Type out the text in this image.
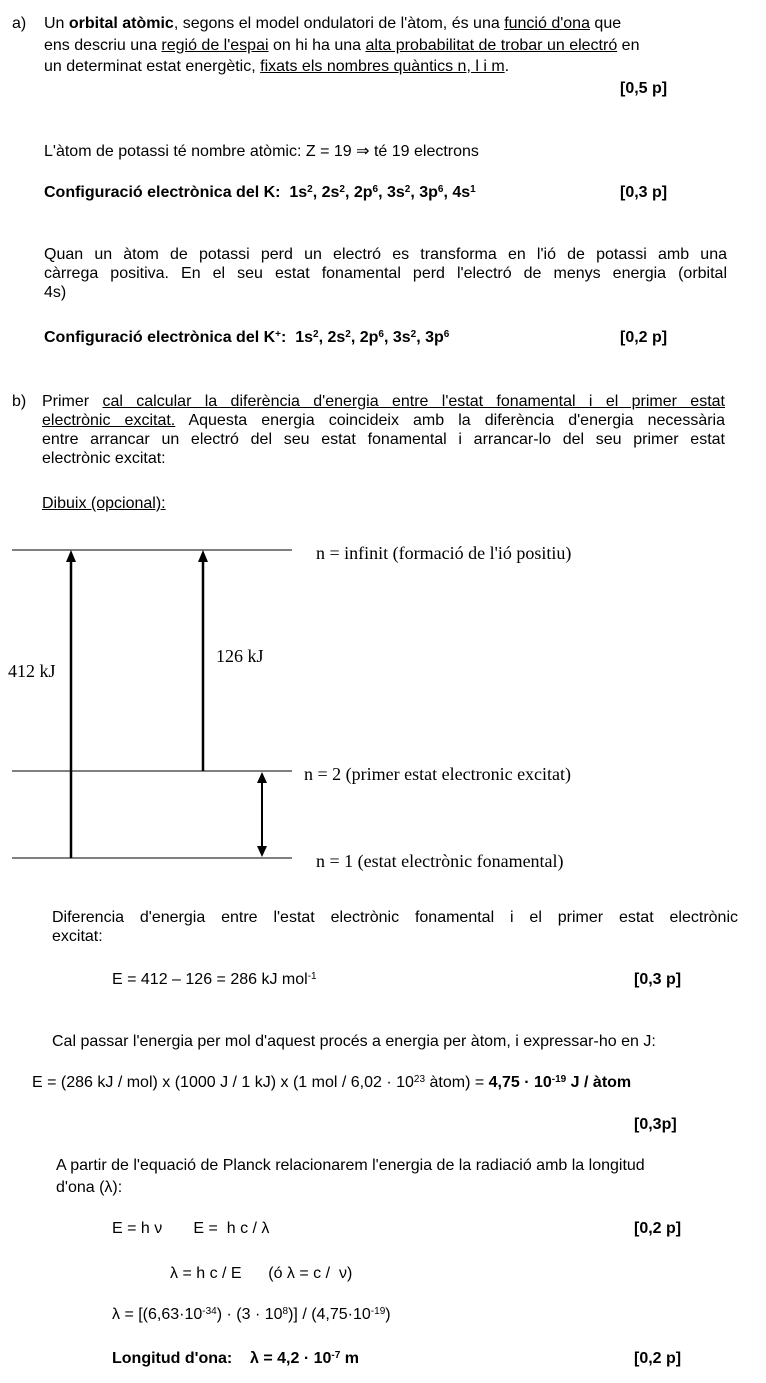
a) Un orbital atòmic, segons el model ondulatori de l'àtom, és una funció d'ona que
ens descriu una regió de l'espai on hi ha una alta probabilitat de trobar un electró en
un determinat estat energètic, fixats els nombres quàntics n, l i m.
[0,5 p]
L'àtom de potassi té nombre atòmic: Z = 19 ⇒ té 19 electrons
Configuració electrònica del K: $1s^2$, $2s^2$, $2p^6$, $3s^2$, $3p^6$, $4s^1$	[0,3 p]
Quan un àtom de potassi perd un electró es transforma en l'ió de potassi amb una
càrrega positiva. En el seu estat fonamental perd l'electró de menys energia (orbital
4s)
Configuració electrònica del K+: $1s^2$, $2s^2$, $2p^6$, $3s^2$, $3p^6$	[0,2 p]
b) Primer cal calcular la diferència d'energia entre l'estat fonamental i el primer estat
electrònic excitat. Aquesta energia coincideix amb la diferència d'energia necessària
entre arrancar un electró del seu estat fonamental i arrancar-lo del seu primer estat
electrònic excitat:
Dibuix (opcional):
n = infinit (formació de l'ió positiu)
n = 2 (primer estat electronic excitat)
n = 1 (estat electrònic fonamental)
412 kJ
126 kJ
Diferencia d'energia entre l'estat electrònic fonamental i el primer estat electrònic
excitat:
E = 412 – 126 = 286 kJ mol$^{-1}$	[0,3 p]
Cal passar l'energia per mol d'aquest procés a energia per àtom, i expressar-ho en J:
E = (286 kJ / mol) x (1000 J / 1 kJ) x (1 mol / $6,02 \cdot 10^{23}$ àtom) = $4,75 \cdot 10^{-19}$ J / àtom
[0,3p]
A partir de l'equació de Planck relacionarem l'energia de la radiació amb la longitud
d'ona (λ):
E = h ν       E =  h c / λ	[0,2 p]
λ = h c / E      (ó λ = c /  ν)
$\lambda = [(6,63\cdot 10^{-34}) \cdot (3 \cdot 10^8)] / (4,75\cdot 10^{-19})$
Longitud d'ona: $\lambda = 4,2 \cdot 10^{-7}$ m	[0,2 p]
